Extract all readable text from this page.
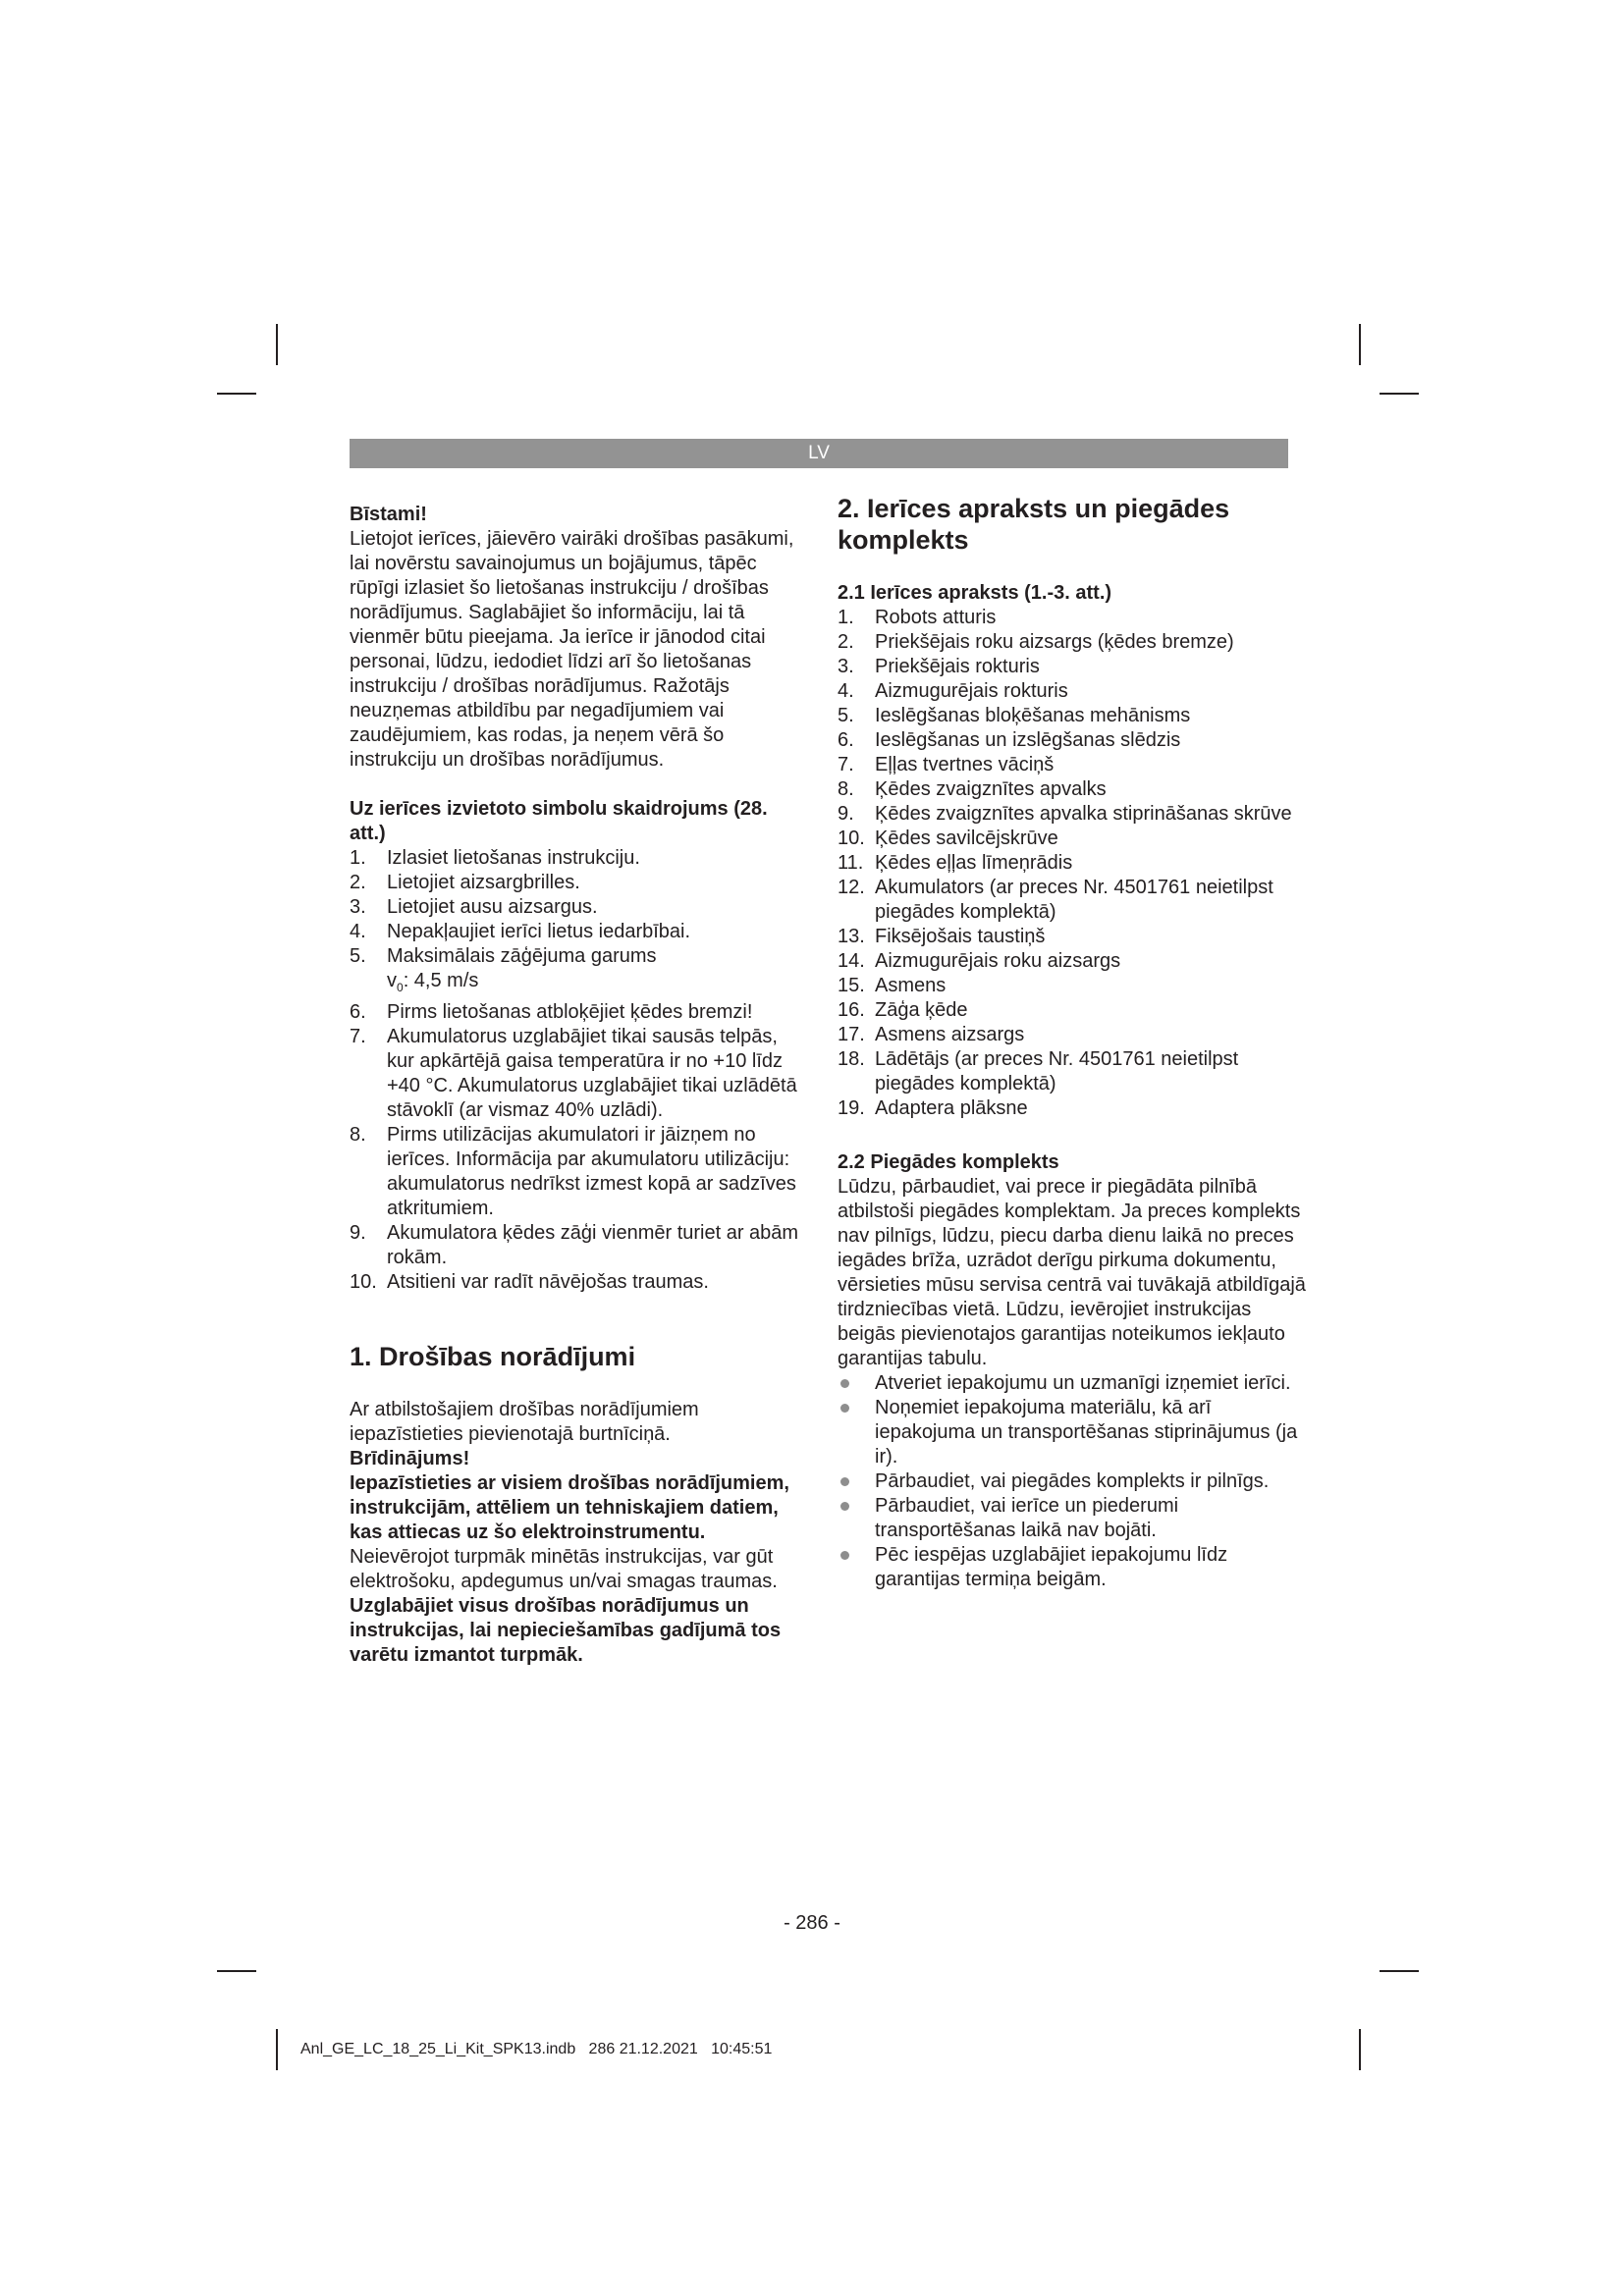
LV

Bīstami!

Lietojot ierīces, jāievēro vairāki drošības pasākumi, lai novērstu savainojumus un bojājumus, tāpēc rūpīgi izlasiet šo lietošanas instrukciju / drošības norādījumus. Saglabājiet šo informāciju, lai tā vienmēr būtu pieejama. Ja ierīce ir jānodod citai personai, lūdzu, iedodiet līdzi arī šo lietošanas instrukciju / drošības norādījumus. Ražotājs neuzņemas atbildību par negadījumiem vai zaudējumiem, kas rodas, ja neņem vērā šo instrukciju un drošības norādījumus.

Uz ierīces izvietoto simbolu skaidrojums (28. att.)

1. Izlasiet lietošanas instrukciju.
2. Lietojiet aizsargbrilles.
3. Lietojiet ausu aizsargus.
4. Nepakļaujiet ierīci lietus iedarbībai.
5. Maksimālais zāģējuma garums
$v_0$: 4,5 m/s
6. Pirms lietošanas atbloķējiet ķēdes bremzi!
7. Akumulatorus uzglabājiet tikai sausās telpās, kur apkārtējā gaisa temperatūra ir no +10 līdz +40 °C. Akumulatorus uzglabājiet tikai uzlādētā stāvoklī (ar vismaz 40% uzlādi).
8. Pirms utilizācijas akumulatori ir jāizņem no ierīces. Informācija par akumulatoru utilizāciju: akumulatorus nedrīkst izmest kopā ar sadzīves atkritumiem.
9. Akumulatora ķēdes zāģi vienmēr turiet ar abām rokām.
10. Atsitieni var radīt nāvējošas traumas.

1. Drošības norādījumi

Ar atbilstošajiem drošības norādījumiem iepazīstieties pievienotajā burtnīciņā.

Brīdinājums!

Iepazīstieties ar visiem drošības norādījumiem, instrukcijām, attēliem un tehniskajiem datiem, kas attiecas uz šo elektroinstrumentu. Neievērojot turpmāk minētās instrukcijas, var gūt elektrošoku, apdegumus un/vai smagas traumas.

Uzglabājiet visus drošības norādījumus un instrukcijas, lai nepieciešamības gadījumā tos varētu izmantot turpmāk.

2. Ierīces apraksts un piegādes komplekts

2.1 Ierīces apraksts (1.-3. att.)

1. Robots atturis
2. Priekšējais roku aizsargs (ķēdes bremze)
3. Priekšējais rokturis
4. Aizmugurējais rokturis
5. Ieslēgšanas bloķēšanas mehānisms
6. Ieslēgšanas un izslēgšanas slēdzis
7. Eļļas tvertnes vāciņš
8. Ķēdes zvaigznītes apvalks
9. Ķēdes zvaigznītes apvalka stiprināšanas skrūve
10. Ķēdes savilcējskrūve
11. Ķēdes eļļas līmeņrādis
12. Akumulators (ar preces Nr. 4501761 neietilpst piegādes komplektā)
13. Fiksējošais taustiņš
14. Aizmugurējais roku aizsargs
15. Asmens
16. Zāģa ķēde
17. Asmens aizsargs
18. Lādētājs (ar preces Nr. 4501761 neietilpst piegādes komplektā)
19. Adaptera plāksne

2.2 Piegādes komplekts

Lūdzu, pārbaudiet, vai prece ir piegādāta pilnībā atbilstoši piegādes komplektam. Ja preces komplekts nav pilnīgs, lūdzu, piecu darba dienu laikā no preces iegādes brīža, uzrādot derīgu pirkuma dokumentu, vērsieties mūsu servisa centrā vai tuvākajā atbildīgajā tirdzniecības vietā. Lūdzu, ievērojiet instrukcijas beigās pievienotajos garantijas noteikumos iekļauto garantijas tabulu.

Atveriet iepakojumu un uzmanīgi izņemiet ierīci.
Noņemiet iepakojuma materiālu, kā arī iepakojuma un transportēšanas stiprinājumus (ja ir).
Pārbaudiet, vai piegādes komplekts ir pilnīgs.
Pārbaudiet, vai ierīce un piederumi transportēšanas laikā nav bojāti.
Pēc iespējas uzglabājiet iepakojumu līdz garantijas termiņa beigām.
- 286 -
Anl_GE_LC_18_25_Li_Kit_SPK13.indb   286 21.12.2021   10:45:51
